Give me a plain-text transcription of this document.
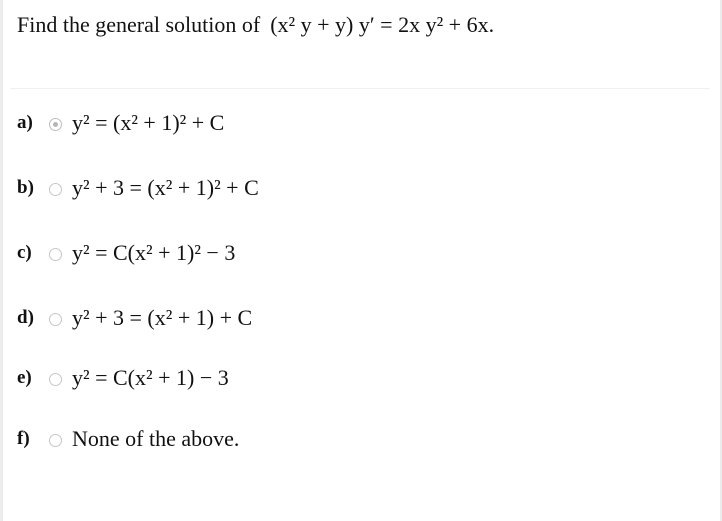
Find the general solution of (x² y + y) y′ = 2x y² + 6x.
a)	y² = (x² + 1)² + C
b)	y² + 3 = (x² + 1)² + C
c)	y² = C(x² + 1)² − 3
d)	y² + 3 = (x² + 1) + C
e)	y² = C(x² + 1) − 3
f)	None of the above.
